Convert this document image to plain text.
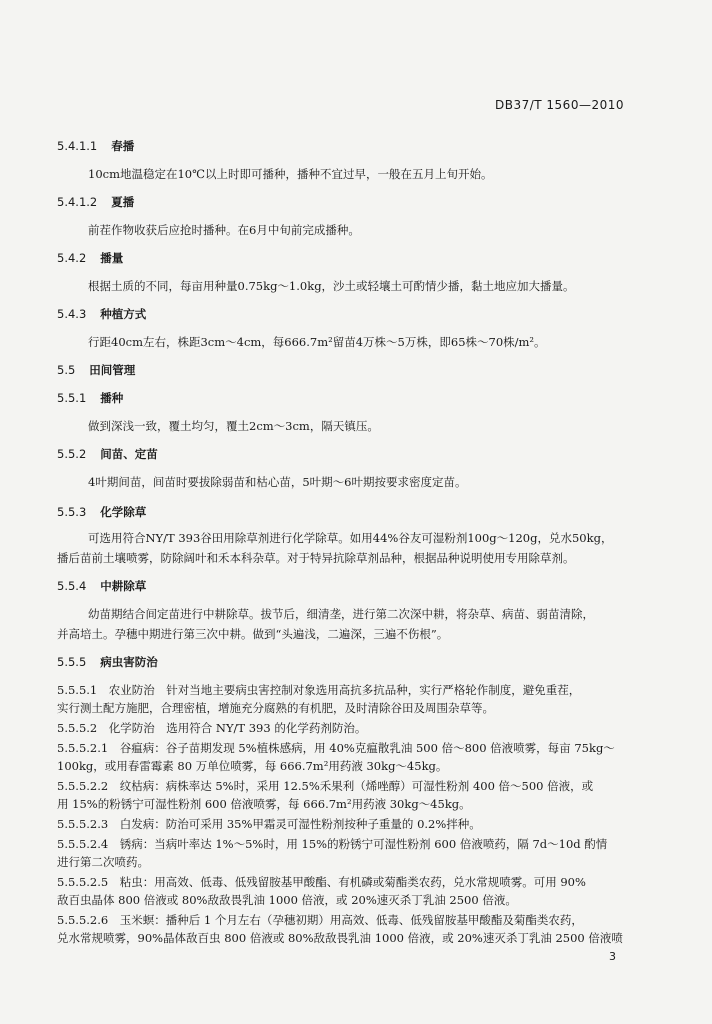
DB37/T 1560—2010
5.4.1.1 春播
10cm地温稳定在10℃以上时即可播种，播种不宜过早，一般在五月上旬开始。
5.4.1.2 夏播
前茬作物收获后应抢时播种。在6月中旬前完成播种。
5.4.2 播量
根据土质的不同，每亩用种量0.75kg～1.0kg，沙土或轻壤土可酌情少播，黏土地应加大播量。
5.4.3 种植方式
行距40cm左右，株距3cm～4cm，每666.7m²留苗4万株～5万株，即65株～70株/m²。
5.5 田间管理
5.5.1 播种
做到深浅一致，覆土均匀，覆土2cm～3cm，隔天镇压。
5.5.2 间苗、定苗
4叶期间苗，间苗时要拔除弱苗和枯心苗，5叶期～6叶期按要求密度定苗。
5.5.3 化学除草
可选用符合NY/T 393谷田用除草剂进行化学除草。如用44%谷友可湿粉剂100g～120g，兑水50kg，
播后苗前土壤喷雾，防除阔叶和禾本科杂草。对于特异抗除草剂品种，根据品种说明使用专用除草剂。
5.5.4 中耕除草
幼苗期结合间定苗进行中耕除草。拔节后，细清垄，进行第二次深中耕，将杂草、病苗、弱苗清除，
并高培土。孕穗中期进行第三次中耕。做到“头遍浅，二遍深，三遍不伤根”。
5.5.5 病虫害防治
5.5.5.1　农业防治　针对当地主要病虫害控制对象选用高抗多抗品种，实行严格轮作制度，避免重茬，
实行测土配方施肥，合理密植，增施充分腐熟的有机肥，及时清除谷田及周围杂草等。
5.5.5.2　化学防治　选用符合 NY/T 393 的化学药剂防治。
5.5.5.2.1　谷瘟病：谷子苗期发现 5%植株感病，用 40%克瘟散乳油 500 倍～800 倍液喷雾，每亩 75kg～
100kg，或用春雷霉素 80 万单位喷雾，每 666.7m²用药液 30kg～45kg。
5.5.5.2.2　纹枯病：病株率达 5%时，采用 12.5%禾果利（烯唑醇）可湿性粉剂 400 倍～500 倍液，或
用 15%的粉锈宁可湿性粉剂 600 倍液喷雾，每 666.7m²用药液 30kg～45kg。
5.5.5.2.3　白发病：防治可采用 35%甲霜灵可湿性粉剂按种子重量的 0.2%拌种。
5.5.5.2.4　锈病：当病叶率达 1%～5%时，用 15%的粉锈宁可湿性粉剂 600 倍液喷药，隔 7d～10d 酌情
进行第二次喷药。
5.5.5.2.5　粘虫：用高效、低毒、低残留胺基甲酸酯、有机磷或菊酯类农药，兑水常规喷雾。可用 90%
敌百虫晶体 800 倍液或 80%敌敌畏乳油 1000 倍液，或 20%速灭杀丁乳油 2500 倍液。
5.5.5.2.6　玉米螟：播种后 1 个月左右（孕穗初期）用高效、低毒、低残留胺基甲酸酯及菊酯类农药，
兑水常规喷雾，90%晶体敌百虫 800 倍液或 80%敌敌畏乳油 1000 倍液，或 20%速灭杀丁乳油 2500 倍液喷
3
